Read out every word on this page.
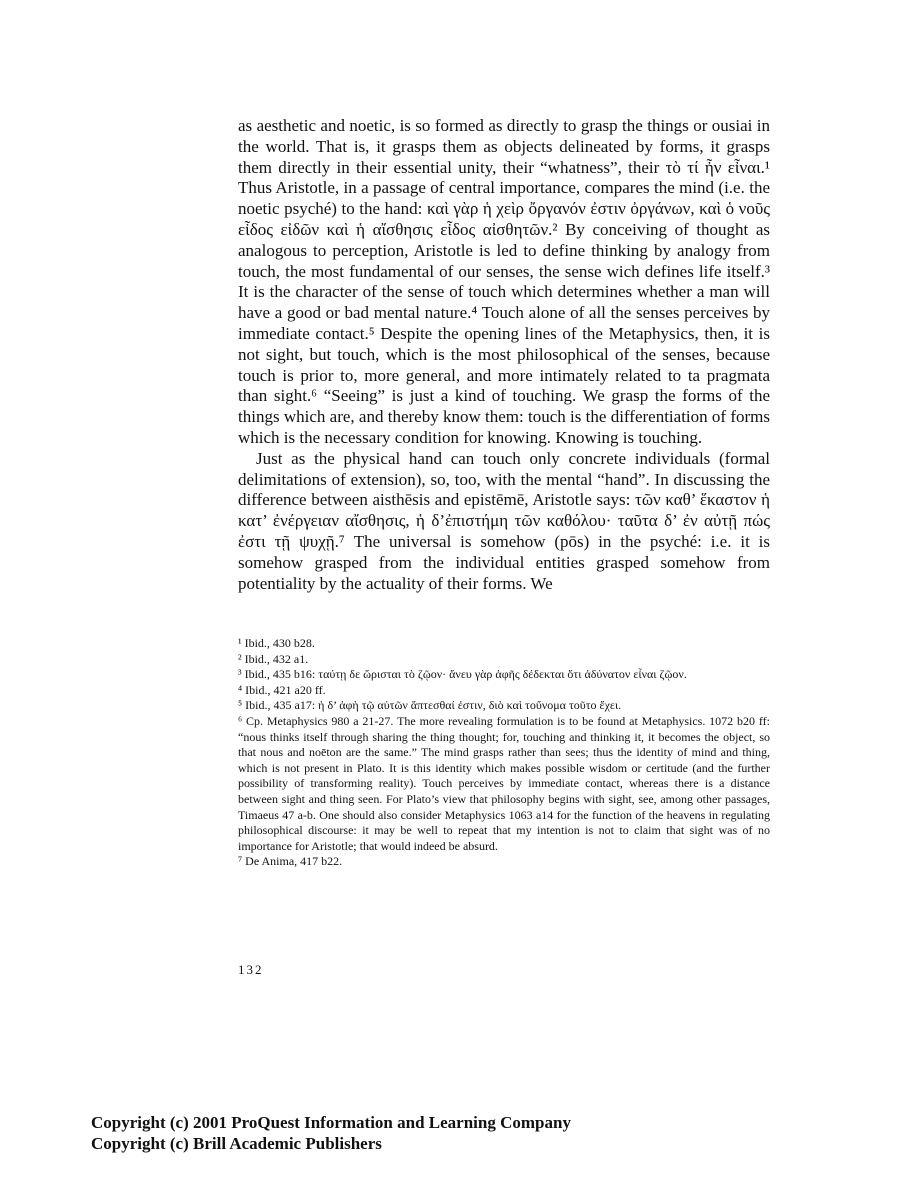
as aesthetic and noetic, is so formed as directly to grasp the things or ousiai in the world. That is, it grasps them as objects delineated by forms, it grasps them directly in their essential unity, their “whatness”, their τὸ τί ἦν εἶναι.¹ Thus Aristotle, in a passage of central importance, compares the mind (i.e. the noetic psyché) to the hand: καὶ γὰρ ἡ χεὶρ ὄργανόν ἐστιν ὀργάνων, καὶ ὁ νοῦς εἶδος εἰδῶν καὶ ἡ αἴσθησις εἶδος αἰσθητῶν.² By conceiving of thought as analogous to perception, Aristotle is led to define thinking by analogy from touch, the most fundamental of our senses, the sense wich defines life itself.³ It is the character of the sense of touch which determines whether a man will have a good or bad mental nature.⁴ Touch alone of all the senses perceives by immediate contact.⁵ Despite the opening lines of the Metaphysics, then, it is not sight, but touch, which is the most philosophical of the senses, because touch is prior to, more general, and more intimately related to ta pragmata than sight.⁶ “Seeing” is just a kind of touching. We grasp the forms of the things which are, and thereby know them: touch is the differentiation of forms which is the necessary condition for knowing. Knowing is touching.

Just as the physical hand can touch only concrete individuals (formal delimitations of extension), so, too, with the mental “hand”. In discussing the difference between aisthēsis and epistēmē, Aristotle says: τῶν καθ’ ἕκαστον ἡ κατ’ ἐνέργειαν αἴσθησις, ἡ δ’ἐπιστήμη τῶν καθόλου· ταῦτα δ’ ἐν αὐτῇ πώς ἐστι τῇ ψυχῇ.⁷ The universal is somehow (pōs) in the psyché: i.e. it is somehow grasped from the individual entities grasped somehow from potentiality by the actuality of their forms. We

¹ Ibid., 430 b28.

² Ibid., 432 a1.

³ Ibid., 435 b16: ταύτῃ δε ὥρισται τὸ ζῷον· ἄνευ γὰρ ἁφῆς δέδεκται ὅτι ἀδύνατον εἶναι ζῷον.

⁴ Ibid., 421 a20 ff.

⁵ Ibid., 435 a17: ἡ δ’ ἁφὴ τῷ αὐτῶν ἅπτεσθαί ἐστιν, διὸ καὶ τοὔνομα τοῦτο ἔχει.

⁶ Cp. Metaphysics 980 a 21-27. The more revealing formulation is to be found at Metaphysics. 1072 b20 ff: “nous thinks itself through sharing the thing thought; for, touching and thinking it, it becomes the object, so that nous and noēton are the same.” The mind grasps rather than sees; thus the identity of mind and thing, which is not present in Plato. It is this identity which makes possible wisdom or certitude (and the further possibility of transforming reality). Touch perceives by immediate contact, whereas there is a distance between sight and thing seen. For Plato’s view that philosophy begins with sight, see, among other passages, Timaeus 47 a-b. One should also consider Metaphysics 1063 a14 for the function of the heavens in regulating philosophical discourse: it may be well to repeat that my intention is not to claim that sight was of no importance for Aristotle; that would indeed be absurd.

⁷ De Anima, 417 b22.

132
Copyright (c) 2001 ProQuest Information and Learning Company
Copyright (c) Brill Academic Publishers
